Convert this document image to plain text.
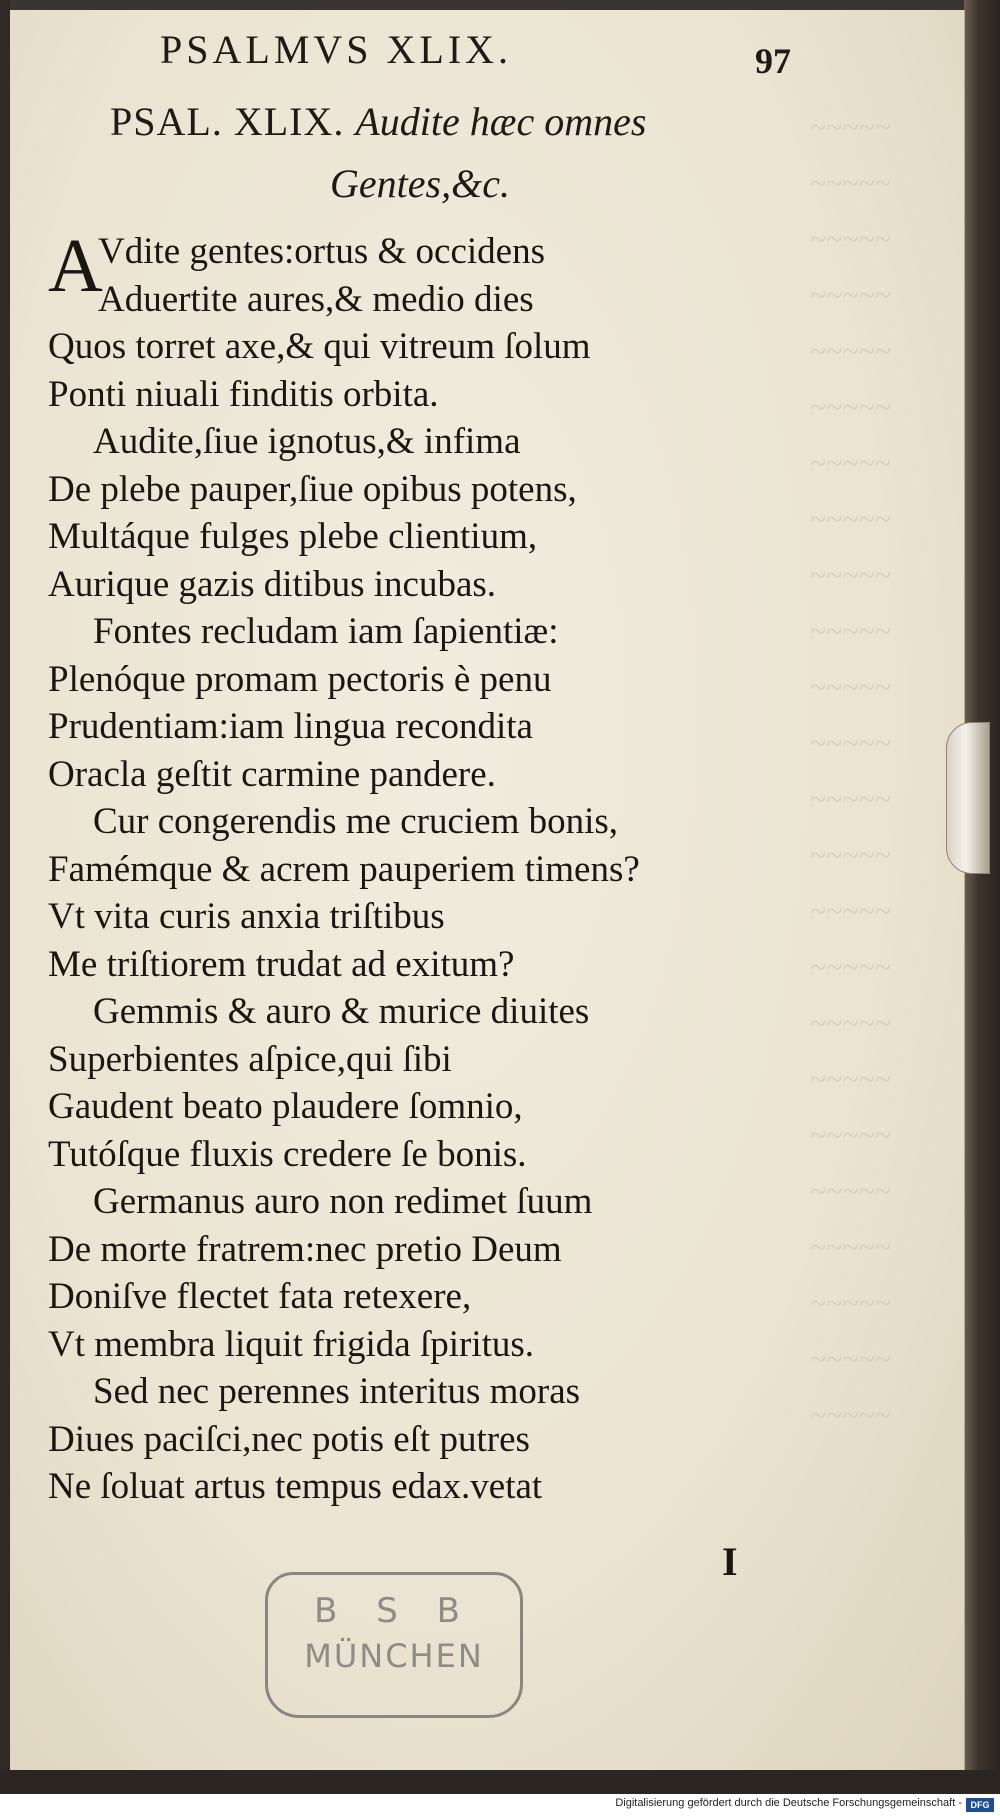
~~~~~
~~~~~
~~~~~
~~~~~
~~~~~
~~~~~
~~~~~
~~~~~
~~~~~
~~~~~
~~~~~
~~~~~
~~~~~
~~~~~
~~~~~
~~~~~
~~~~~
~~~~~
~~~~~
~~~~~
~~~~~
~~~~~
~~~~~
~~~~~
PSALMVS XLIX.	97
PSAL. XLIX. Audite hæc omnes
Gentes,&c.
A
Vdite gentes:ortus & occidens
Aduertite aures,& medio dies
Quos torret axe,& qui vitreum ſolum
Ponti niuali finditis orbita.
Audite,ſiue ignotus,& infima
De plebe pauper,ſiue opibus potens,
Multáque fulges plebe clientium,
Aurique gazis ditibus incubas.
Fontes recludam iam ſapientiæ:
Plenóque promam pectoris è penu
Prudentiam:iam lingua recondita
Oracla geſtit carmine pandere.
Cur congerendis me cruciem bonis,
Famémque & acrem pauperiem timens?
Vt vita curis anxia triſtibus
Me triſtiorem trudat ad exitum?
Gemmis & auro & murice diuites
Superbientes aſpice,qui ſibi
Gaudent beato plaudere ſomnio,
Tutóſque fluxis credere ſe bonis.
Germanus auro non redimet ſuum
De morte fratrem:nec pretio Deum
Doniſve flectet fata retexere,
Vt membra liquit frigida ſpiritus.
Sed nec perennes interitus moras
Diues paciſci,nec potis eſt putres
Ne ſoluat artus tempus edax.vetat
I
B S B
MÜNCHEN
Digitalisierung gefördert durch die Deutsche Forschungsgemeinschaft - DFG
